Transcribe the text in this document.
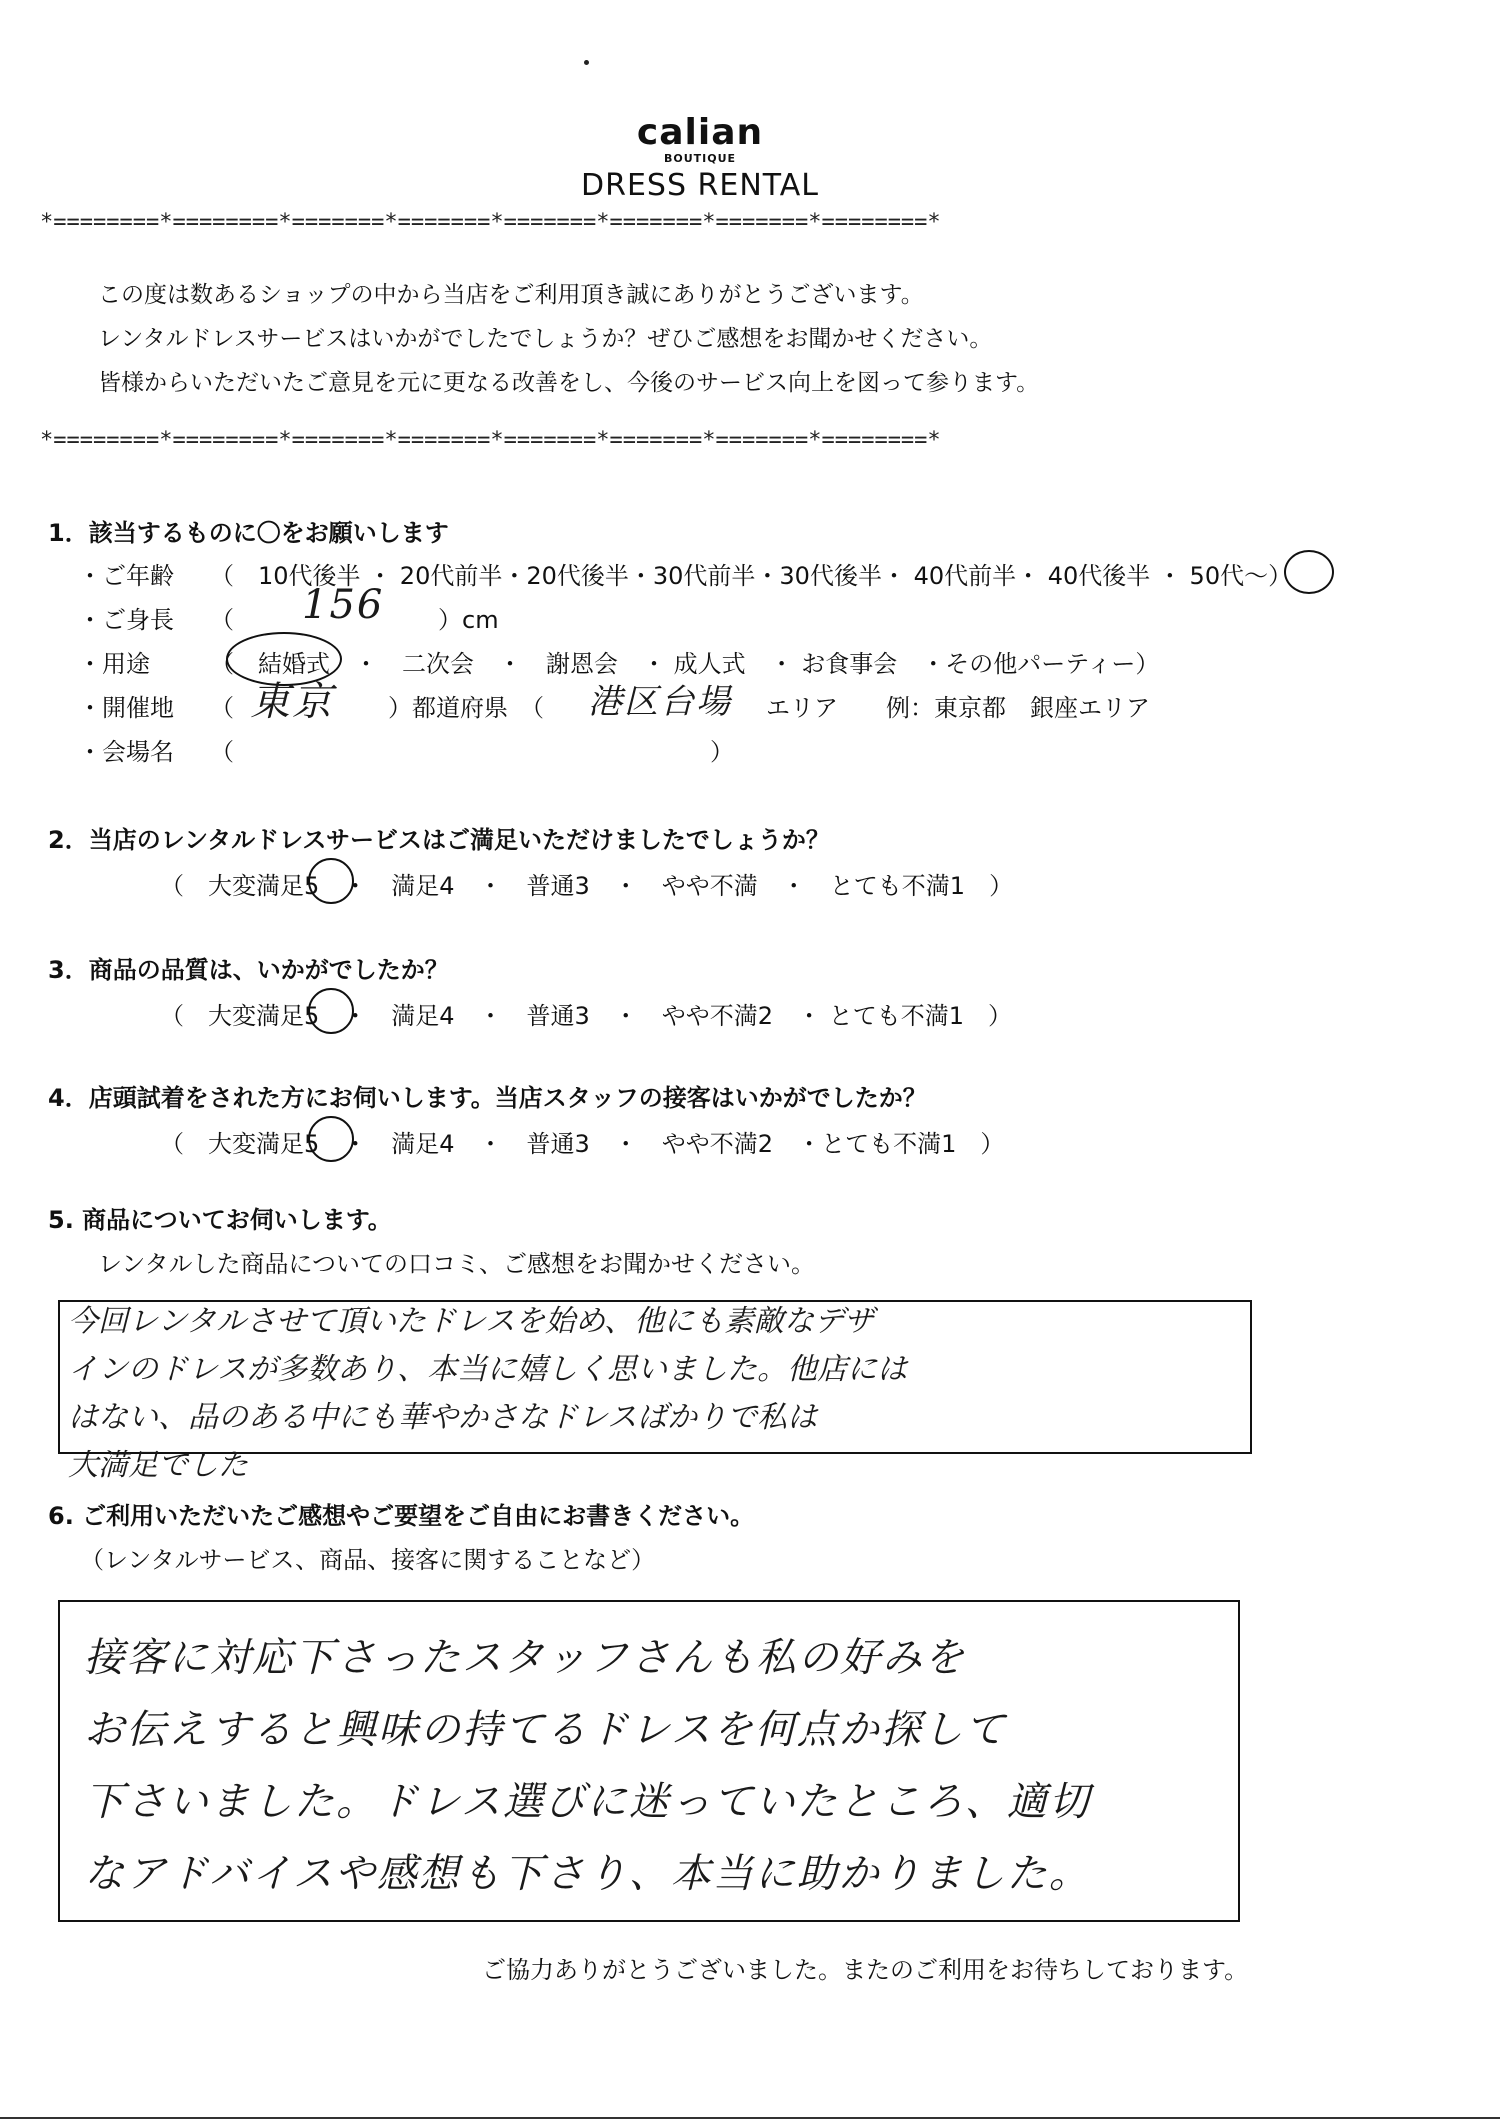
calian
BOUTIQUE
DRESS RENTAL
*========*========*=======*=======*=======*=======*=======*========*
この度は数あるショップの中から当店をご利用頂き誠にありがとうございます。
レンタルドレスサービスはいかがでしたでしょうか？ぜひご感想をお聞かせください。
皆様からいただいたご意見を元に更なる改善をし、今後のサービス向上を図って参ります。
*========*========*=======*=======*=======*=======*=======*========*
1．該当するものに〇をお願いします
・ご年齢 （　10代後半 ・ 20代前半・20代後半・30代前半・30代後半・ 40代前半・ 40代後半 ・ 50代～）
・ご身長 （ 156 ）cm
・用途	（　結婚式　・　二次会　・　謝恩会　・ 成人式　・ お食事会　・その他パーティー）
・開催地 （ 東京 ）都道府県　（ 港区台場 エリア　　例：東京都　銀座エリア
・会場名 （	）
2．当店のレンタルドレスサービスはご満足いただけましたでしょうか？
（　大変満足5　・　満足4　・　普通3　・　やや不満　・　とても不満1　）
3．商品の品質は、いかがでしたか？
（　大変満足5　・　満足4　・　普通3　・　やや不満2　・ とても不満1　）
4．店頭試着をされた方にお伺いします。当店スタッフの接客はいかがでしたか？
（　大変満足5　・　満足4　・　普通3　・　やや不満2　・とても不満1　）
5. 商品についてお伺いします。
レンタルした商品についての口コミ、ご感想をお聞かせください。
今回レンタルさせて頂いたドレスを始め、他にも素敵なデザ
インのドレスが多数あり、本当に嬉しく思いました。他店には
はない、品のある中にも華やかさなドレスばかりで私は
大満足でした
6. ご利用いただいたご感想やご要望をご自由にお書きください。
（レンタルサービス、商品、接客に関することなど）
接客に対応下さったスタッフさんも私の好みを
お伝えすると興味の持てるドレスを何点か探して
下さいました。ドレス選びに迷っていたところ、適切
なアドバイスや感想も下さり、本当に助かりました。
ご協力ありがとうございました。またのご利用をお待ちしております。
